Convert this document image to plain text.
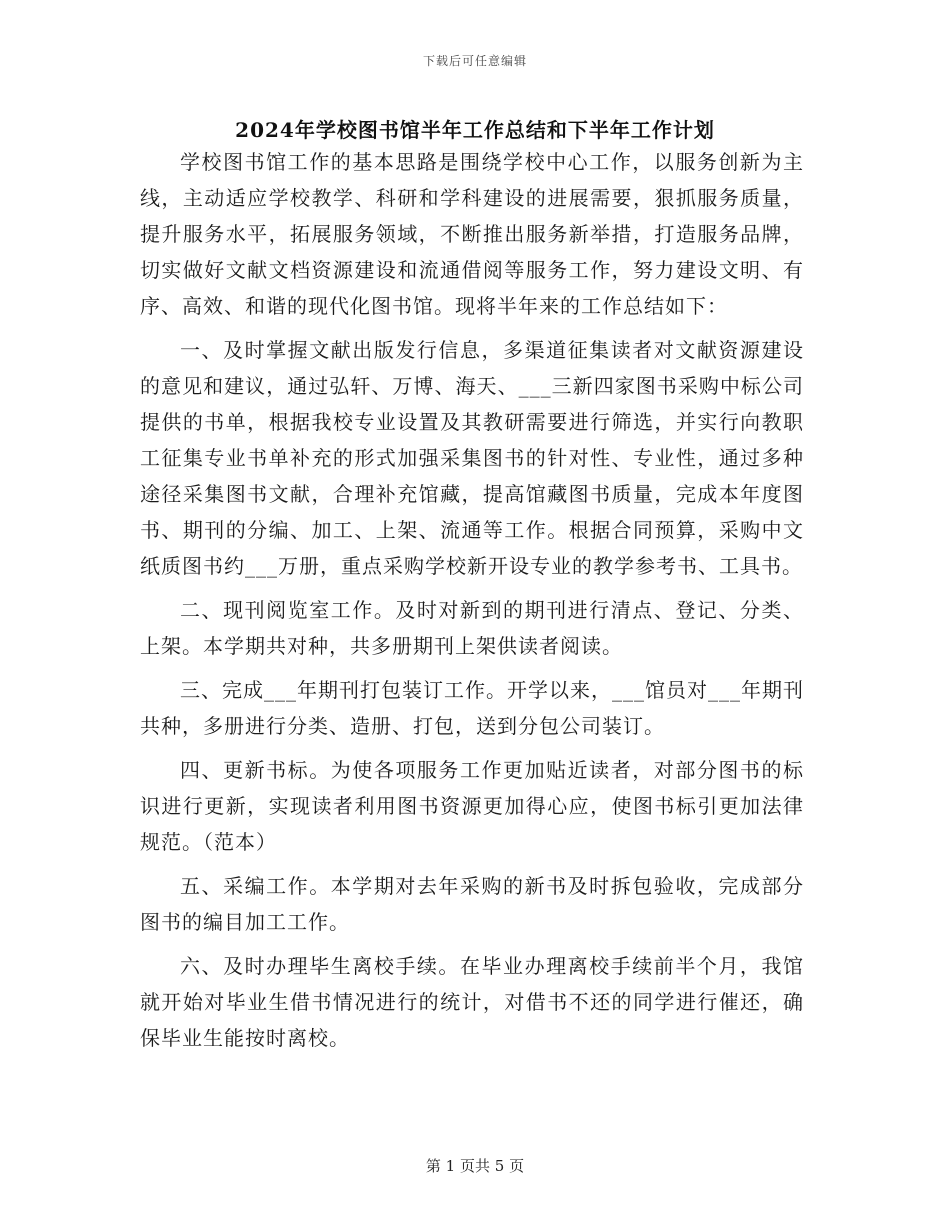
下载后可任意编辑
2024年学校图书馆半年工作总结和下半年工作计划

学校图书馆工作的基本思路是围绕学校中心工作，以服务创新为主线，主动适应学校教学、科研和学科建设的进展需要，狠抓服务质量，提升服务水平，拓展服务领域，不断推出服务新举措，打造服务品牌，切实做好文献文档资源建设和流通借阅等服务工作，努力建设文明、有序、高效、和谐的现代化图书馆。现将半年来的工作总结如下：

一、及时掌握文献出版发行信息，多渠道征集读者对文献资源建设的意见和建议，通过弘轩、万博、海天、___三新四家图书采购中标公司提供的书单，根据我校专业设置及其教研需要进行筛选，并实行向教职工征集专业书单补充的形式加强采集图书的针对性、专业性，通过多种途径采集图书文献，合理补充馆藏，提高馆藏图书质量，完成本年度图书、期刊的分编、加工、上架、流通等工作。根据合同预算，采购中文纸质图书约___万册，重点采购学校新开设专业的教学参考书、工具书。

二、现刊阅览室工作。及时对新到的期刊进行清点、登记、分类、上架。本学期共对种，共多册期刊上架供读者阅读。

三、完成___年期刊打包装订工作。开学以来，___馆员对___年期刊共种，多册进行分类、造册、打包，送到分包公司装订。

四、更新书标。为使各项服务工作更加贴近读者，对部分图书的标识进行更新，实现读者利用图书资源更加得心应，使图书标引更加法律规范。（范本）

五、采编工作。本学期对去年采购的新书及时拆包验收，完成部分图书的编目加工工作。

六、及时办理毕生离校手续。在毕业办理离校手续前半个月，我馆就开始对毕业生借书情况进行的统计，对借书不还的同学进行催还，确保毕业生能按时离校。

第 1 页共 5 页
